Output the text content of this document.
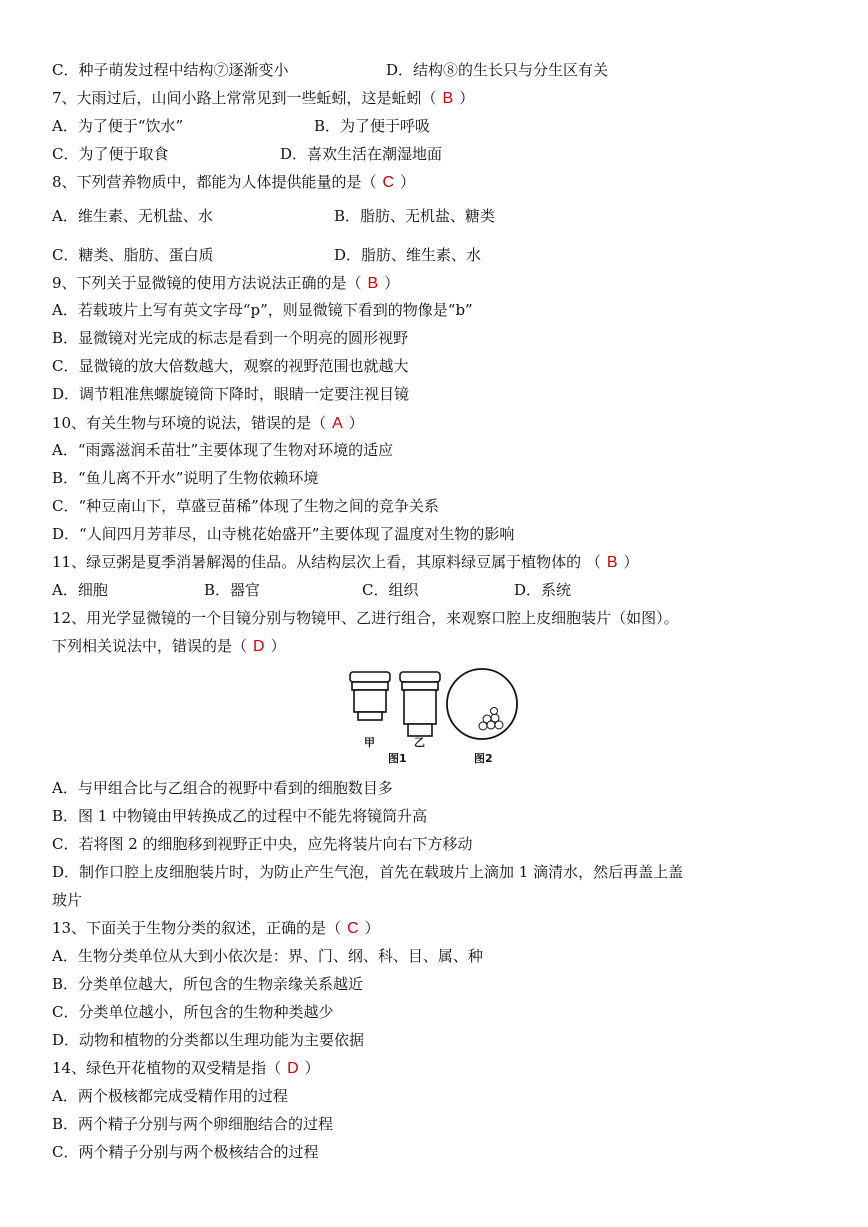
C．种子萌发过程中结构⑦逐渐变小	D．结构⑧的生长只与分生区有关
7、大雨过后，山间小路上常常见到一些蚯蚓，这是蚯蚓（ B ）
A．为了便于“饮水”	B．为了便于呼吸
C．为了便于取食	D．喜欢生活在潮湿地面
8、下列营养物质中，都能为人体提供能量的是（ C ）
A．维生素、无机盐、水	B．脂肪、无机盐、糖类
C．糖类、脂肪、蛋白质	D．脂肪、维生素、水
9、下列关于显微镜的使用方法说法正确的是（ B ）
A．若载玻片上写有英文字母“p”，则显微镜下看到的物像是“b”
B．显微镜对光完成的标志是看到一个明亮的圆形视野
C．显微镜的放大倍数越大，观察的视野范围也就越大
D．调节粗准焦螺旋镜筒下降时，眼睛一定要注视目镜
10、有关生物与环境的说法，错误的是（ A ）
A．“雨露滋润禾苗壮”主要体现了生物对环境的适应
B．“鱼儿离不开水”说明了生物依赖环境
C．“种豆南山下，草盛豆苗稀”体现了生物之间的竞争关系
D．“人间四月芳菲尽，山寺桃花始盛开”主要体现了温度对生物的影响
11、绿豆粥是夏季消暑解渴的佳品。从结构层次上看，其原料绿豆属于植物体的 （ B ）
A．细胞	B．器官	C．组织	D．系统
12、用光学显微镜的一个目镜分别与物镜甲、乙进行组合，来观察口腔上皮细胞装片（如图）。
下列相关说法中，错误的是（ D ）
甲	乙
图1	图2
A．与甲组合比与乙组合的视野中看到的细胞数目多
B．图 1 中物镜由甲转换成乙的过程中不能先将镜筒升高
C．若将图 2 的细胞移到视野正中央，应先将装片向右下方移动
D．制作口腔上皮细胞装片时，为防止产生气泡，首先在载玻片上滴加 1 滴清水，然后再盖上盖
玻片
13、下面关于生物分类的叙述，正确的是（ C ）
A．生物分类单位从大到小依次是：界、门、纲、科、目、属、种
B．分类单位越大，所包含的生物亲缘关系越近
C．分类单位越小，所包含的生物种类越少
D．动物和植物的分类都以生理功能为主要依据
14、绿色开花植物的双受精是指（ D ）
A．两个极核都完成受精作用的过程
B．两个精子分别与两个卵细胞结合的过程
C．两个精子分别与两个极核结合的过程
